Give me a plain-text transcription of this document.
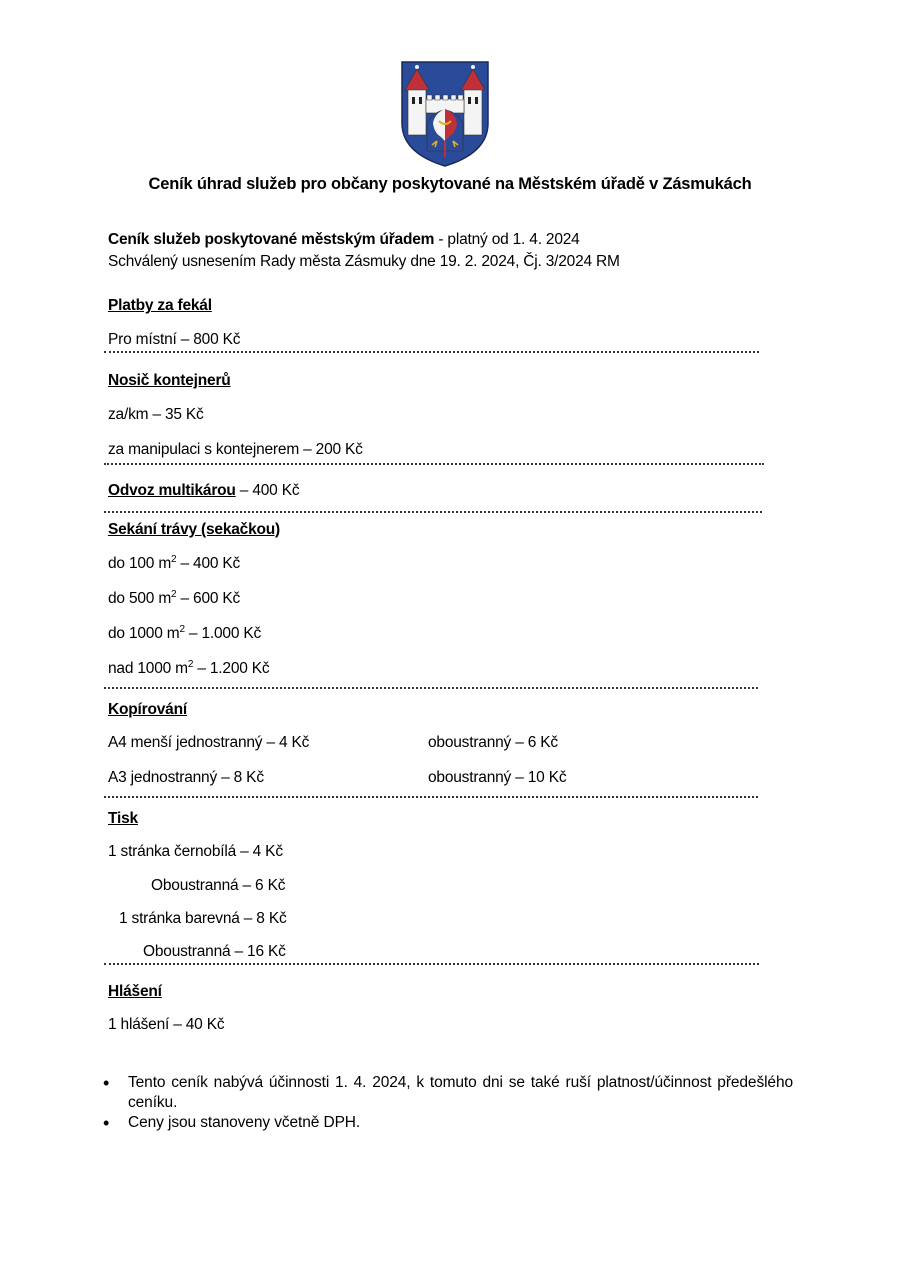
Ceník úhrad služeb pro občany poskytované na Městském úřadě v Zásmukách
Ceník služeb poskytované městským úřadem - platný od 1. 4. 2024
Schválený usnesením Rady města Zásmuky dne 19. 2. 2024, Čj. 3/2024 RM
Platby za fekál
Pro místní – 800 Kč
Nosič kontejnerů
za/km – 35 Kč
za manipulaci s kontejnerem – 200 Kč
Odvoz multikárou – 400 Kč
Sekání trávy (sekačkou)
do 100 $m^2 - 400$ Kč
do 500 $m^2 - 600$ Kč
do 1000 $m^2 - 1.000$ Kč
nad 1000 $m^2 - 1.200$ Kč
Kopírování
A4 menší jednostranný – 4 Kč	oboustranný – 6 Kč
A3 jednostranný – 8 Kč	oboustranný – 10 Kč
Tisk
1 stránka černobílá – 4 Kč
Oboustranná – 6 Kč
1 stránka barevná – 8 Kč
Oboustranná – 16 Kč
Hlášení
1 hlášení – 40 Kč
•	Tento ceník nabývá účinnosti 1. 4. 2024, k tomuto dni se také ruší platnost/účinnost předešlého ceníku.
•	Ceny jsou stanoveny včetně DPH.
